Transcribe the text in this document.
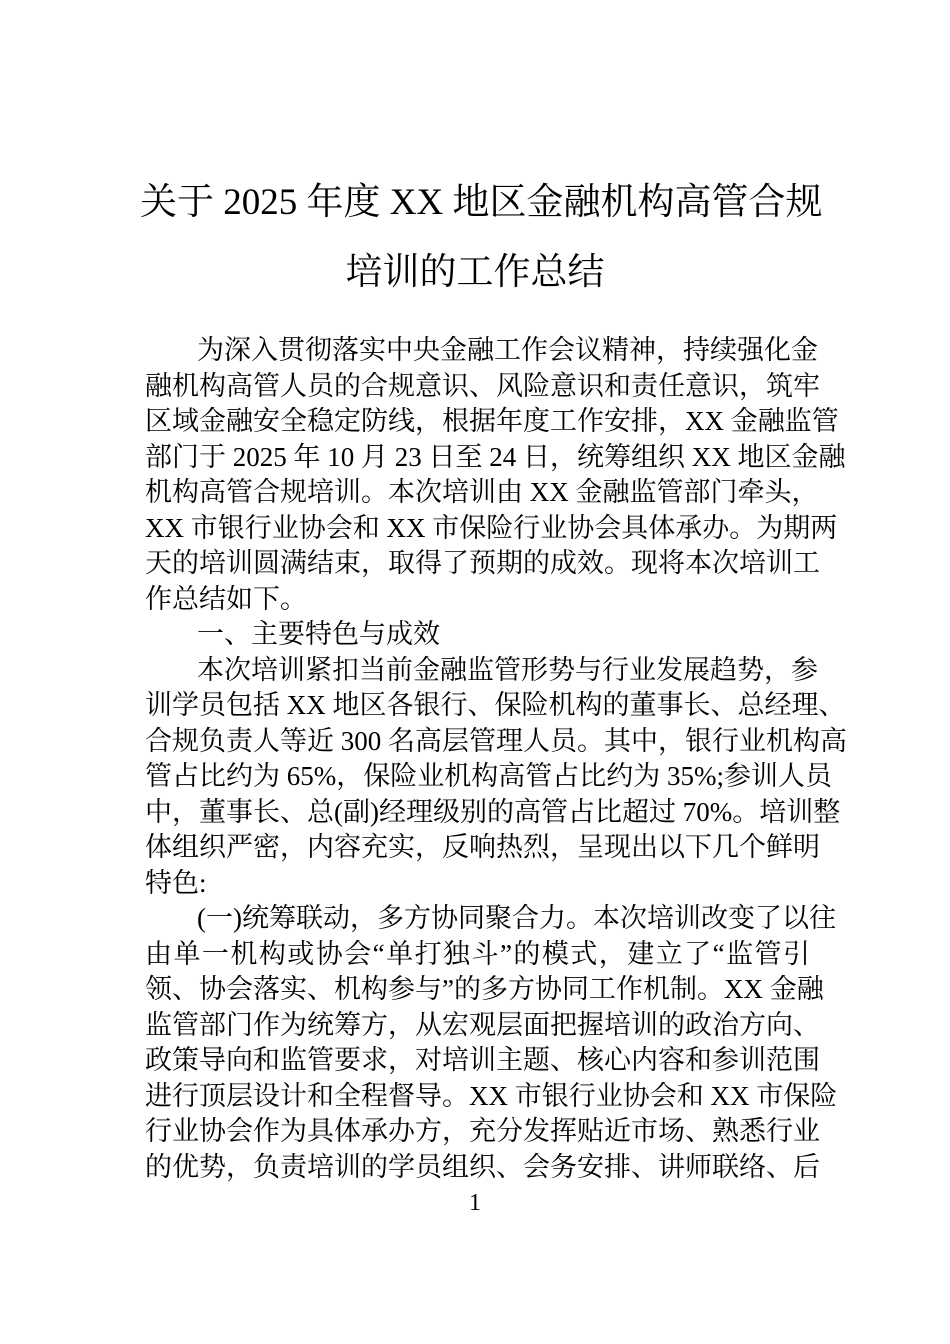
关于 2025 年度 XX 地区金融机构高管合规
培训的工作总结
为深入贯彻落实中央金融工作会议精神，持续强化金
融机构高管人员的合规意识、风险意识和责任意识，筑牢
区域金融安全稳定防线，根据年度工作安排，XX 金融监管
部门于 2025 年 10 月 23 日至 24 日，统筹组织 XX 地区金融
机构高管合规培训。本次培训由 XX 金融监管部门牵头，
XX 市银行业协会和 XX 市保险行业协会具体承办。为期两
天的培训圆满结束，取得了预期的成效。现将本次培训工
作总结如下。
一、主要特色与成效
本次培训紧扣当前金融监管形势与行业发展趋势，参
训学员包括 XX 地区各银行、保险机构的董事长、总经理、
合规负责人等近 300 名高层管理人员。其中，银行业机构高
管占比约为 65%，保险业机构高管占比约为 35%;参训人员
中，董事长、总(副)经理级别的高管占比超过 70%。培训整
体组织严密，内容充实，反响热烈，呈现出以下几个鲜明
特色:
(一)统筹联动，多方协同聚合力。本次培训改变了以往
由单一机构或协会“单打独斗”的模式，建立了“监管引
领、协会落实、机构参与”的多方协同工作机制。XX 金融
监管部门作为统筹方，从宏观层面把握培训的政治方向、
政策导向和监管要求，对培训主题、核心内容和参训范围
进行顶层设计和全程督导。XX 市银行业协会和 XX 市保险
行业协会作为具体承办方，充分发挥贴近市场、熟悉行业
的优势，负责培训的学员组织、会务安排、讲师联络、后
1
